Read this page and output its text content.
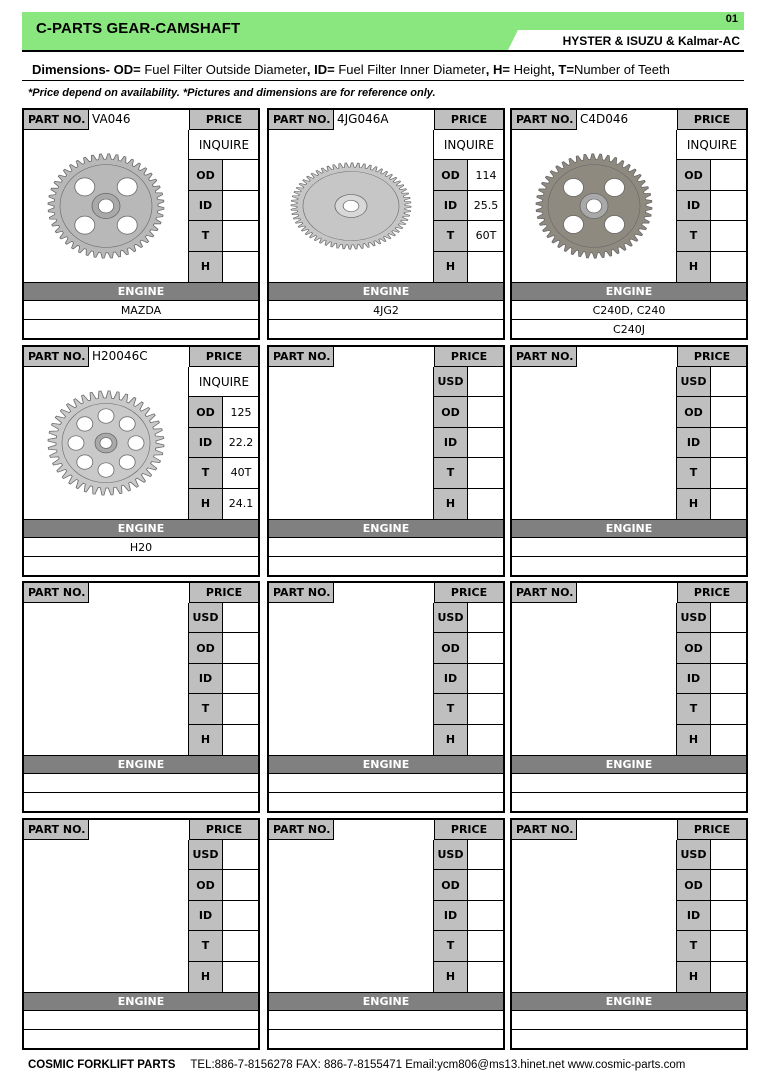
C-PARTS GEAR-CAMSHAFT
01
HYSTER & ISUZU & Kalmar-AC
Dimensions- OD= Fuel Filter Outside Diameter, ID= Fuel Filter Inner Diameter, H= Height, T=Number of Teeth
*Price depend on availability. *Pictures and dimensions are for reference only.
PART NO. VA046	PRICE
INQUIRE
OD
ID
T
H
ENGINE
MAZDA
PART NO. 4JG046A	PRICE
INQUIRE
OD	114
ID	25.5
T	60T
H
ENGINE
4JG2
PART NO. C4D046	PRICE
INQUIRE
OD
ID
T
H
ENGINE
C240D, C240
C240J
PART NO. H20046C	PRICE
INQUIRE
OD	125
ID	22.2
T	40T
H	24.1
ENGINE
H20
PART NO.	PRICE
USD
OD
ID
T
H
ENGINE
PART NO.	PRICE
USD
OD
ID
T
H
ENGINE
PART NO.	PRICE
USD
OD
ID
T
H
ENGINE
PART NO.	PRICE
USD
OD
ID
T
H
ENGINE
PART NO.	PRICE
USD
OD
ID
T
H
ENGINE
PART NO.	PRICE
USD
OD
ID
T
H
ENGINE
PART NO.	PRICE
USD
OD
ID
T
H
ENGINE
PART NO.	PRICE
USD
OD
ID
T
H
ENGINE
COSMIC FORKLIFT PARTS TEL:886-7-8156278 FAX: 886-7-8155471 Email:ycm806@ms13.hinet.net www.cosmic-parts.com
